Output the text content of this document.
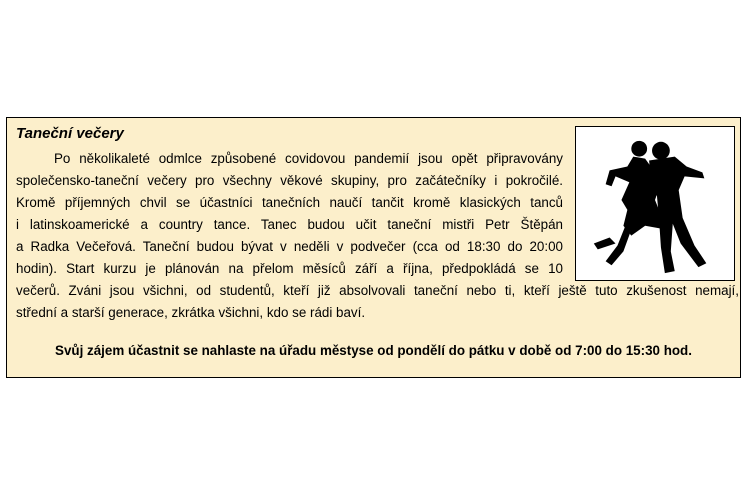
Taneční večery

Po několikaleté odmlce způsobené covidovou pandemií jsou opět připravovány

společensko-taneční večery pro všechny věkové skupiny, pro začátečníky i pokročilé.

Kromě příjemných chvil se účastníci tanečních naučí tančit kromě klasických tanců

i latinskoamerické a country tance. Tanec budou učit taneční mistři Petr Štěpán

a Radka Večeřová. Taneční budou bývat v neděli v podvečer (cca od 18:30 do 20:00

hodin). Start kurzu je plánován na přelom měsíců září a října, předpokládá se 10

večerů. Zváni jsou všichni, od studentů, kteří již absolvovali taneční nebo ti, kteří ještě tuto zkušenost nemají,

střední a starší generace, zkrátka všichni, kdo se rádi baví.

Svůj zájem účastnit se nahlaste na úřadu městyse od pondělí do pátku v době od 7:00 do 15:30 hod.
